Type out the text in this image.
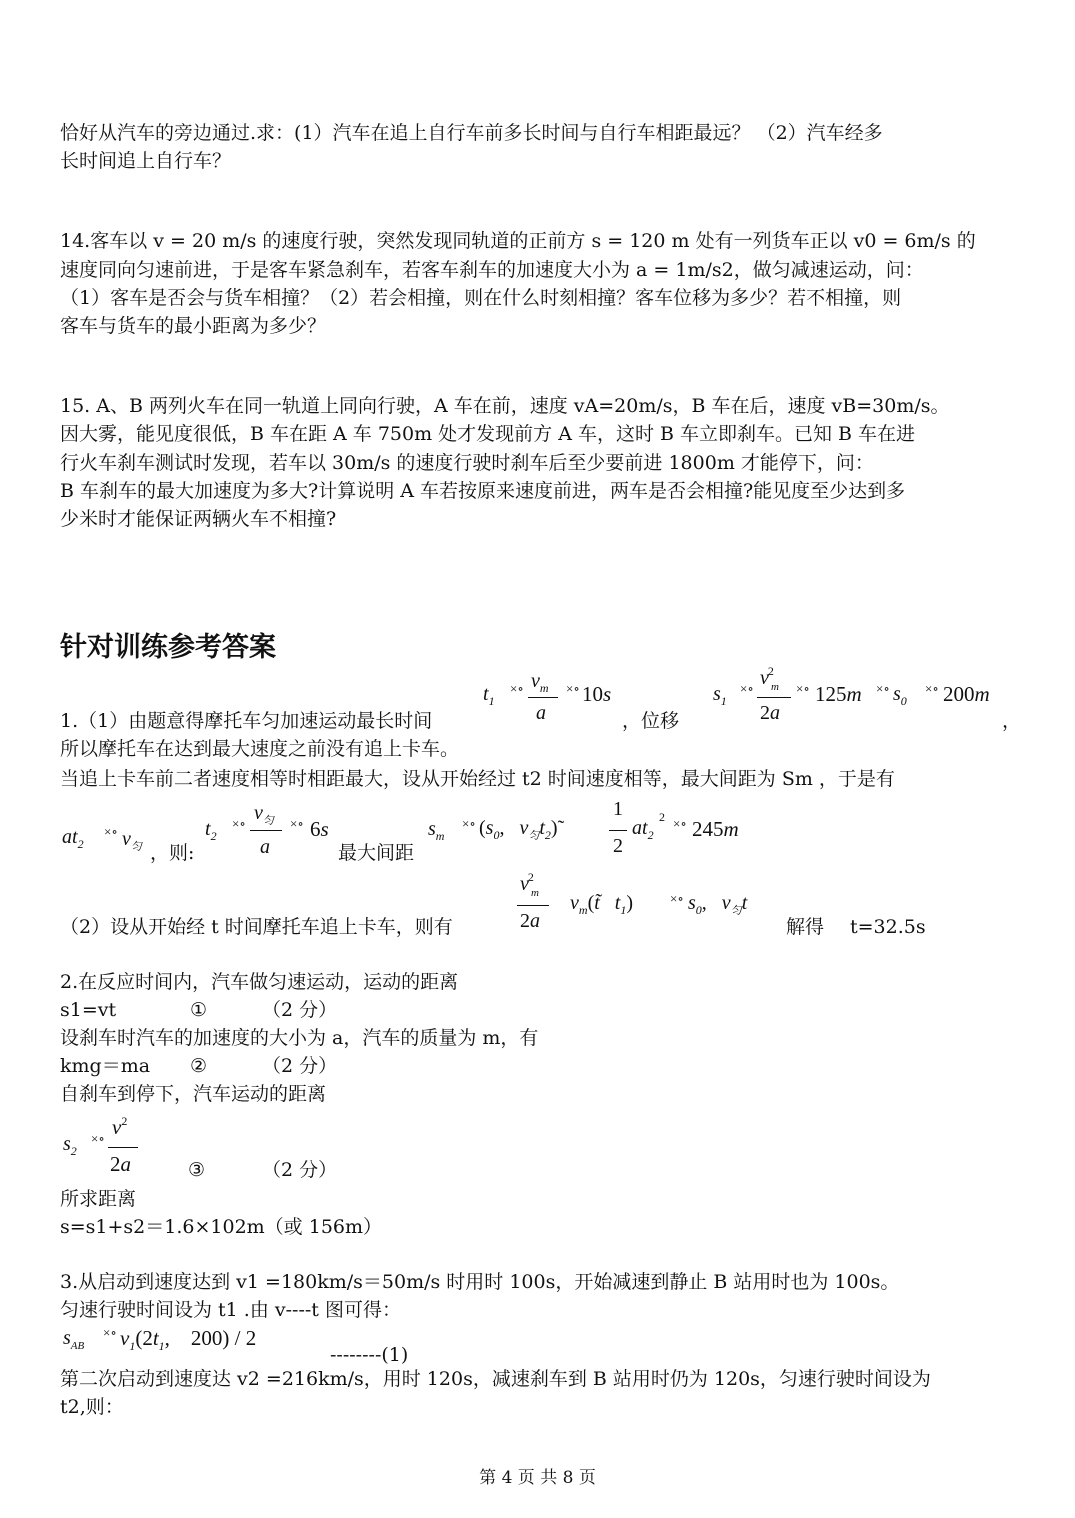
恰好从汽车的旁边通过.求：(1）汽车在追上自行车前多长时间与自行车相距最远？ （2）汽车经多
长时间追上自行车？
14.客车以 v = 20 m/s 的速度行驶，突然发现同轨道的正前方 s = 120 m 处有一列货车正以 v0 = 6m/s 的
速度同向匀速前进，于是客车紧急刹车，若客车刹车的加速度大小为 a = 1m/s2，做匀减速运动，问：
（1）客车是否会与货车相撞？（2）若会相撞，则在什么时刻相撞？客车位移为多少？若不相撞，则
客车与货车的最小距离为多少？
15. A、B 两列火车在同一轨道上同向行驶，A 车在前，速度 vA=20m/s，B 车在后，速度 vB=30m/s。
因大雾，能见度很低，B 车在距 A 车 750m 处才发现前方 A 车，这时 B 车立即刹车。已知 B 车在进
行火车刹车测试时发现，若车以 30m/s 的速度行驶时刹车后至少要前进 1800m 才能停下，问：
B 车刹车的最大加速度为多大?计算说明 A 车若按原来速度前进，两车是否会相撞?能见度至少达到多
少米时才能保证两辆火车不相撞?
针对训练参考答案
$t_1$
×∘ $v_m$
a
×∘ 10s
1.（1）由题意得摩托车匀加速运动最长时间	，位移
$s_1$
×∘ $v^2$
m
2a
×∘ 125m ×∘ $s_0$
×∘ 200m
，
所以摩托车在达到最大速度之前没有追上卡车。
当追上卡车前二者速度相等时相距最大，设从开始经过 t2 时间速度相等，最大间距为 Sm ，于是有
$at_2$
×∘ $v_匀$ ，则:
$t_2$
×∘ $v_匀$
a
×∘ 6s
最大间距
$s_m$
×∘ ($s_0$,   $v_匀t_2)˜$
1
2
$at_2$
2 ×∘ 245m
$v^2$
m
2a
$v_m(t̃$   $t_1$)	×∘ $s_0$,   $v_匀t$
（2）设从开始经 t 时间摩托车追上卡车，则有	解得 t=32.5s
2.在反应时间内，汽车做匀速运动，运动的距离
s1=vt	①	（2 分）
设刹车时汽车的加速度的大小为 a，汽车的质量为 m，有
kmg＝ma ②	（2 分）
自刹车到停下，汽车运动的距离
$s_2$
×∘ $v^2$
2a	③	（2 分）
所求距离
s=s1+s2＝1.6×102m（或 156m）
3.从启动到速度达到 v1 =180km/s＝50m/s 时用时 100s，开始减速到静止 B 站用时也为 100s。
匀速行驶时间设为 t1 .由 v----t 图可得：
$s_{AB}$
×∘ $v_1(2t_1$,    200) / 2
--------(1)
第二次启动到速度达 v2 =216km/s，用时 120s，减速刹车到 B 站用时仍为 120s，匀速行驶时间设为
t2,则：
第 4 页 共 8 页
